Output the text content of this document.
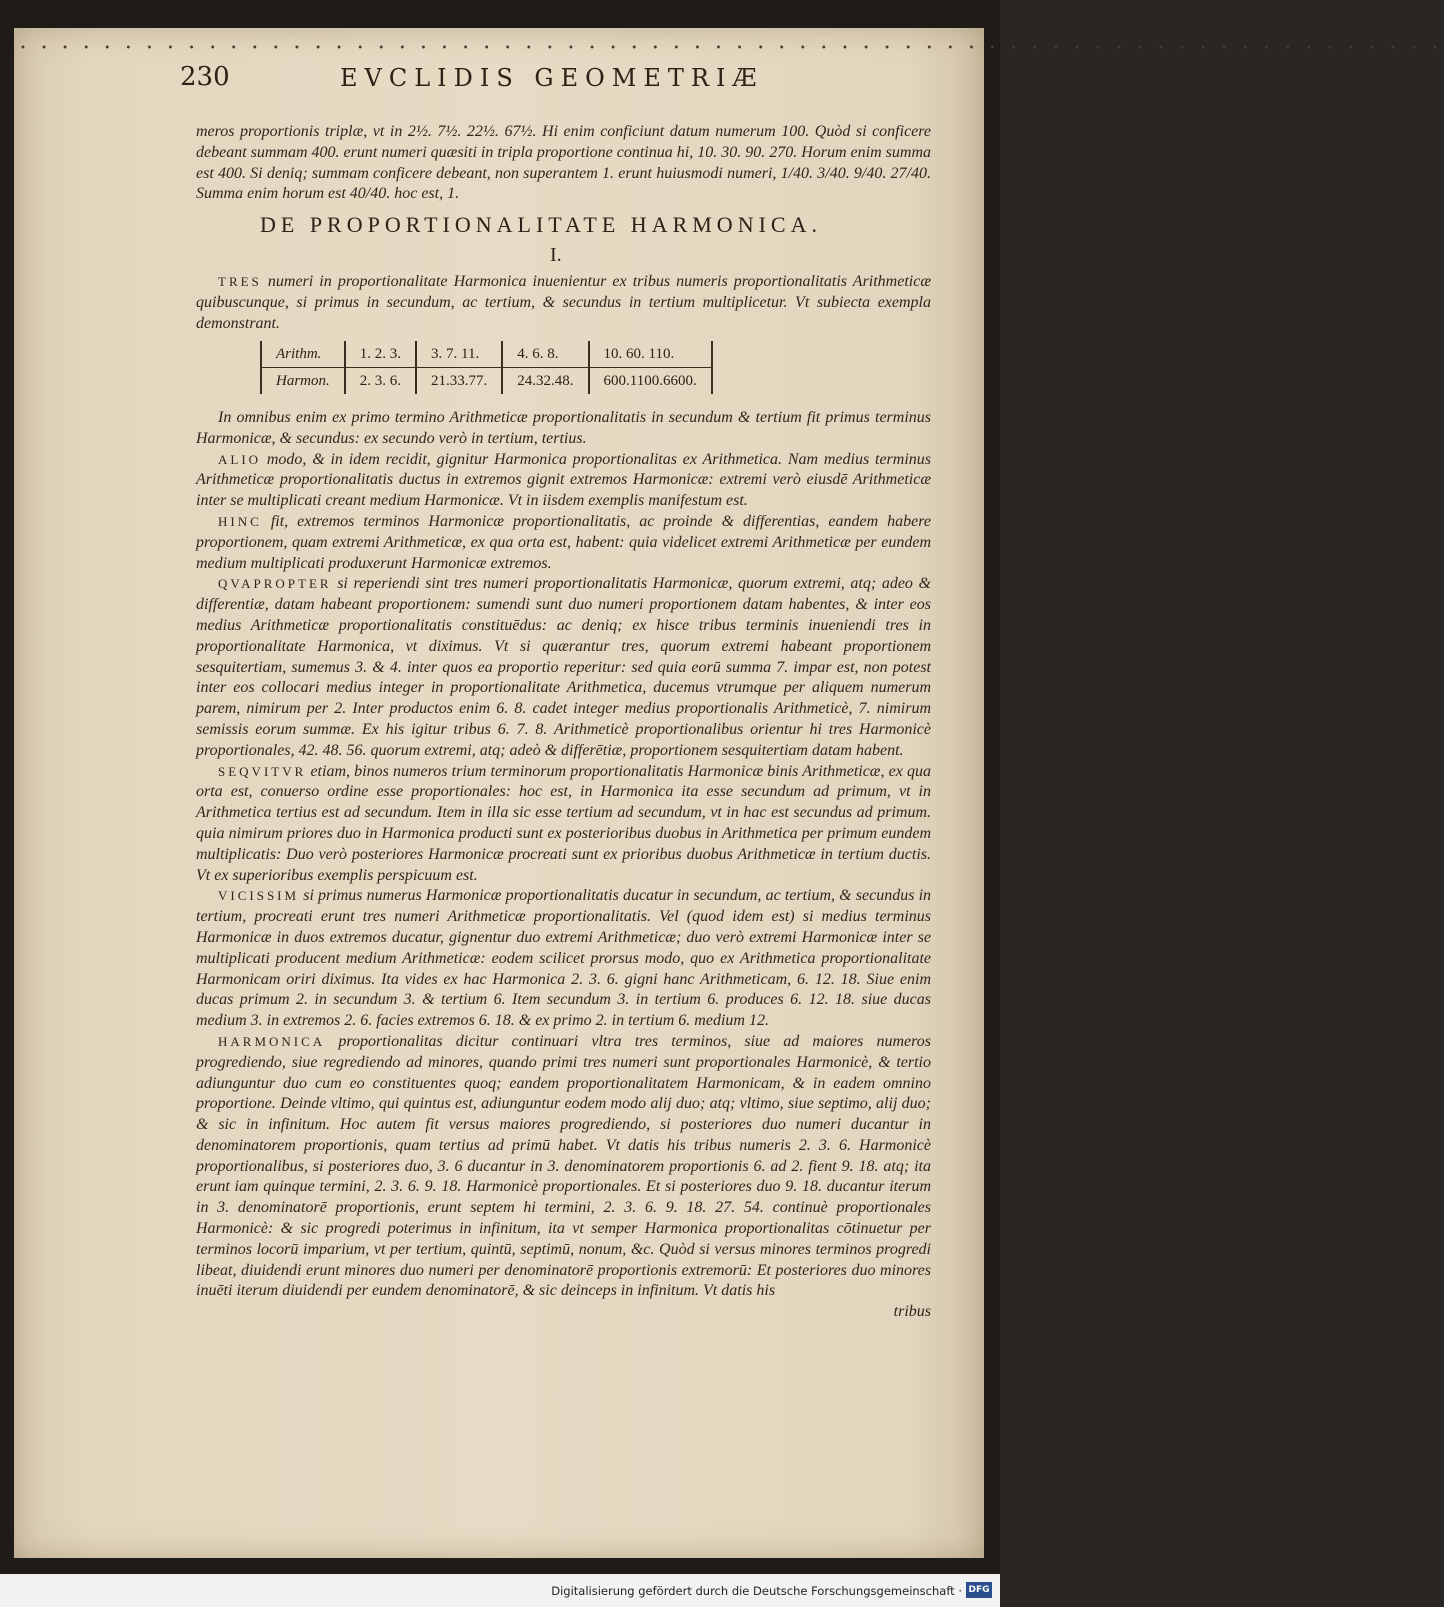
• • • • • • • • • • • • • • • • • • • • • • • • • • • • • • • • • • • • • • • • • • • • • • • • • • • • • • • • • • • • • • • • • • • •
230	EVCLIDIS GEOMETRIÆ

meros proportionis triplæ, vt in 2½. 7½. 22½. 67½. Hi enim conficiunt datum numerum 100. Quòd si conficere debeant summam 400. erunt numeri quæsiti in tripla proportione continua hi, 10. 30. 90. 270. Horum enim summa est 400. Si deniq; summam conficere debeant, non superantem 1. erunt huiusmodi numeri, 1/40. 3/40. 9/40. 27/40. Summa enim horum est 40/40. hoc est, 1.

DE PROPORTIONALITATE HARMONICA.
I.

TRES numeri in proportionalitate Harmonica inuenientur ex tribus numeris proportionalitatis Arithmeticæ quibuscunque, si primus in secundum, ac tertium, & secundus in tertium multiplicetur. Vt subiecta exempla demonstrant.

Arithm.	1. 2. 3.	3. 7. 11.	4. 6. 8.	10. 60. 110.
Harmon.	2. 3. 6.	21.33.77.	24.32.48.	600.1100.6600.

In omnibus enim ex primo termino Arithmeticæ proportionalitatis in secundum & tertium fit primus terminus Harmonicæ, & secundus: ex secundo verò in tertium, tertius.

ALIO modo, & in idem recidit, gignitur Harmonica proportionalitas ex Arithmetica. Nam medius terminus Arithmeticæ proportionalitatis ductus in extremos gignit extremos Harmonicæ: extremi verò eiusdē Arithmeticæ inter se multiplicati creant medium Harmonicæ. Vt in iisdem exemplis manifestum est.

HINC fit, extremos terminos Harmonicæ proportionalitatis, ac proinde & differentias, eandem habere proportionem, quam extremi Arithmeticæ, ex qua orta est, habent: quia videlicet extremi Arithmeticæ per eundem medium multiplicati produxerunt Harmonicæ extremos.

QVAPROPTER si reperiendi sint tres numeri proportionalitatis Harmonicæ, quorum extremi, atq; adeo & differentiæ, datam habeant proportionem: sumendi sunt duo numeri proportionem datam habentes, & inter eos medius Arithmeticæ proportionalitatis constituēdus: ac deniq; ex hisce tribus terminis inueniendi tres in proportionalitate Harmonica, vt diximus. Vt si quærantur tres, quorum extremi habeant proportionem sesquitertiam, sumemus 3. & 4. inter quos ea proportio reperitur: sed quia eorū summa 7. impar est, non potest inter eos collocari medius integer in proportionalitate Arithmetica, ducemus vtrumque per aliquem numerum parem, nimirum per 2. Inter productos enim 6. 8. cadet integer medius proportionalis Arithmeticè, 7. nimirum semissis eorum summæ. Ex his igitur tribus 6. 7. 8. Arithmeticè proportionalibus orientur hi tres Harmonicè proportionales, 42. 48. 56. quorum extremi, atq; adeò & differētiæ, proportionem sesquitertiam datam habent.

SEQVITVR etiam, binos numeros trium terminorum proportionalitatis Harmonicæ binis Arithmeticæ, ex qua orta est, conuerso ordine esse proportionales: hoc est, in Harmonica ita esse secundum ad primum, vt in Arithmetica tertius est ad secundum. Item in illa sic esse tertium ad secundum, vt in hac est secundus ad primum. quia nimirum priores duo in Harmonica producti sunt ex posterioribus duobus in Arithmetica per primum eundem multiplicatis: Duo verò posteriores Harmonicæ procreati sunt ex prioribus duobus Arithmeticæ in tertium ductis. Vt ex superioribus exemplis perspicuum est.

VICISSIM si primus numerus Harmonicæ proportionalitatis ducatur in secundum, ac tertium, & secundus in tertium, procreati erunt tres numeri Arithmeticæ proportionalitatis. Vel (quod idem est) si medius terminus Harmonicæ in duos extremos ducatur, gignentur duo extremi Arithmeticæ; duo verò extremi Harmonicæ inter se multiplicati producent medium Arithmeticæ: eodem scilicet prorsus modo, quo ex Arithmetica proportionalitate Harmonicam oriri diximus. Ita vides ex hac Harmonica 2. 3. 6. gigni hanc Arithmeticam, 6. 12. 18. Siue enim ducas primum 2. in secundum 3. & tertium 6. Item secundum 3. in tertium 6. produces 6. 12. 18. siue ducas medium 3. in extremos 2. 6. facies extremos 6. 18. & ex primo 2. in tertium 6. medium 12.

HARMONICA proportionalitas dicitur continuari vltra tres terminos, siue ad maiores numeros progrediendo, siue regrediendo ad minores, quando primi tres numeri sunt proportionales Harmonicè, & tertio adiunguntur duo cum eo constituentes quoq; eandem proportionalitatem Harmonicam, & in eadem omnino proportione. Deinde vltimo, qui quintus est, adiunguntur eodem modo alij duo; atq; vltimo, siue septimo, alij duo; & sic in infinitum. Hoc autem fit versus maiores progrediendo, si posteriores duo numeri ducantur in denominatorem proportionis, quam tertius ad primū habet. Vt datis his tribus numeris 2. 3. 6. Harmonicè proportionalibus, si posteriores duo, 3. 6 ducantur in 3. denominatorem proportionis 6. ad 2. fient 9. 18. atq; ita erunt iam quinque termini, 2. 3. 6. 9. 18. Harmonicè proportionales. Et si posteriores duo 9. 18. ducantur iterum in 3. denominatorē proportionis, erunt septem hi termini, 2. 3. 6. 9. 18. 27. 54. continuè proportionales Harmonicè: & sic progredi poterimus in infinitum, ita vt semper Harmonica proportionalitas cōtinuetur per terminos locorū imparium, vt per tertium, quintū, septimū, nonum, &c. Quòd si versus minores terminos progredi libeat, diuidendi erunt minores duo numeri per denominatorē proportionis extremorū: Et posteriores duo minores inuēti iterum diuidendi per eundem denominatorē, & sic deinceps in infinitum. Vt datis his

tribus

Digitalisierung gefördert durch die Deutsche Forschungsgemeinschaft · DFG
